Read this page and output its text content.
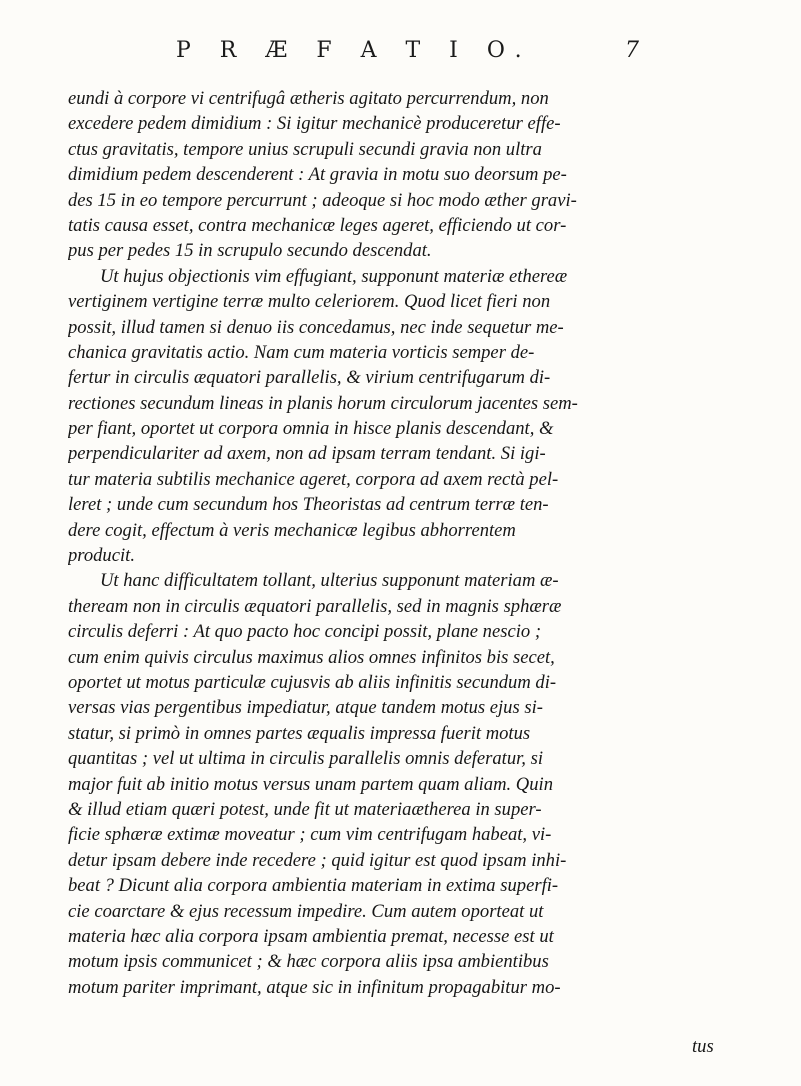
P R Æ F A T I O.	7
eundi à corpore vi centrifugâ ætheris agitato percurrendum, non
excedere pedem dimidium : Si igitur mechanicè produceretur effe-
ctus gravitatis, tempore unius scrupuli secundi gravia non ultra
dimidium pedem descenderent : At gravia in motu suo deorsum pe-
des 15 in eo tempore percurrunt ; adeoque si hoc modo æther gravi-
tatis causa esset, contra mechanicæ leges ageret, efficiendo ut cor-
pus per pedes 15 in scrupulo secundo descendat.
Ut hujus objectionis vim effugiant, supponunt materiæ ethereæ
vertiginem vertigine terræ multo celeriorem. Quod licet fieri non
possit, illud tamen si denuo iis concedamus, nec inde sequetur me-
chanica gravitatis actio. Nam cum materia vorticis semper de-
fertur in circulis æquatori parallelis, & virium centrifugarum di-
rectiones secundum lineas in planis horum circulorum jacentes sem-
per fiant, oportet ut corpora omnia in hisce planis descendant, &
perpendiculariter ad axem, non ad ipsam terram tendant. Si igi-
tur materia subtilis mechanice ageret, corpora ad axem rectà pel-
leret ; unde cum secundum hos Theoristas ad centrum terræ ten-
dere cogit, effectum à veris mechanicæ legibus abhorrentem
producit.
Ut hanc difficultatem tollant, ulterius supponunt materiam æ-
theream non in circulis æquatori parallelis, sed in magnis sphæræ
circulis deferri : At quo pacto hoc concipi possit, plane nescio ;
cum enim quivis circulus maximus alios omnes infinitos bis secet,
oportet ut motus particulæ cujusvis ab aliis infinitis secundum di-
versas vias pergentibus impediatur, atque tandem motus ejus si-
statur, si primò in omnes partes æqualis impressa fuerit motus
quantitas ; vel ut ultima in circulis parallelis omnis deferatur, si
major fuit ab initio motus versus unam partem quam aliam. Quin
& illud etiam quæri potest, unde fit ut materiaætherea in super-
ficie sphæræ extimæ moveatur ; cum vim centrifugam habeat, vi-
detur ipsam debere inde recedere ; quid igitur est quod ipsam inhi-
beat ? Dicunt alia corpora ambientia materiam in extima superfi-
cie coarctare & ejus recessum impedire. Cum autem oporteat ut
materia hæc alia corpora ipsam ambientia premat, necesse est ut
motum ipsis communicet ; & hæc corpora aliis ipsa ambientibus
motum pariter imprimant, atque sic in infinitum propagabitur mo-
tus
